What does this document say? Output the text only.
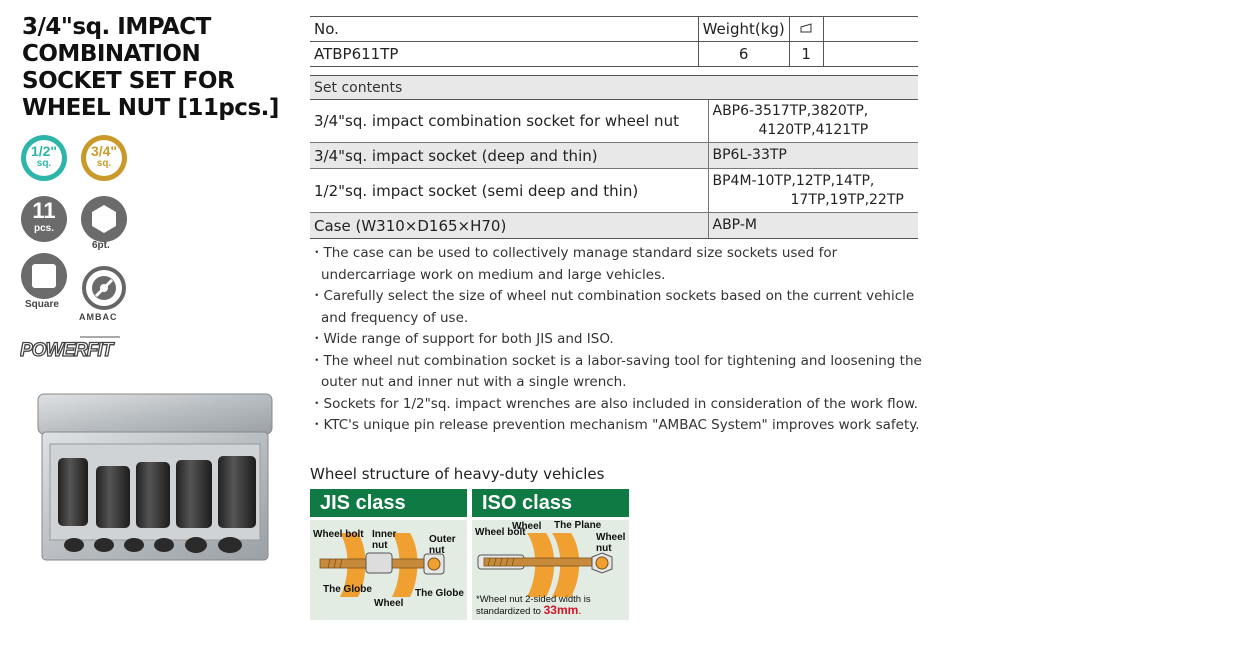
3/4"sq. IMPACT COMBINATION SOCKET SET FOR WHEEL NUT [11pcs.]
1/2"
sq.
3/4"
sq.
11
pcs.
6pt.
Square
AMBAC
POWERFIT
No.	Weight(kg)		
ATBP611TP	6	1	
Set contents	
3/4"sq. impact combination socket for wheel nut	ABP6-3517TP,3820TP,
4120TP,4121TP

3/4"sq. impact socket (deep and thin)	BP6L-33TP

1/2"sq. impact socket (semi deep and thin)	BP4M-10TP,12TP,14TP,
17TP,19TP,22TP

Case (W310×D165×H70)	ABP-M
・The case can be used to collectively manage standard size sockets used for undercarriage work on medium and large vehicles.
・Carefully select the size of wheel nut combination sockets based on the current vehicle and frequency of use.
・Wide range of support for both JIS and ISO.
・The wheel nut combination socket is a labor-saving tool for tightening and loosening the outer nut and inner nut with a single wrench.
・Sockets for 1/2"sq. impact wrenches are also included in consideration of the work flow.
・KTC's unique pin release prevention mechanism "AMBAC System" improves work safety.
Wheel structure of heavy-duty vehicles
JIS class
Wheel bolt Inner nut
Outer nut
The Globe
Wheel
The Globe
ISO class
Wheel bolt
Wheel The Plane
Wheel nut
*Wheel nut 2-sided width is
standardized to 33mm.
